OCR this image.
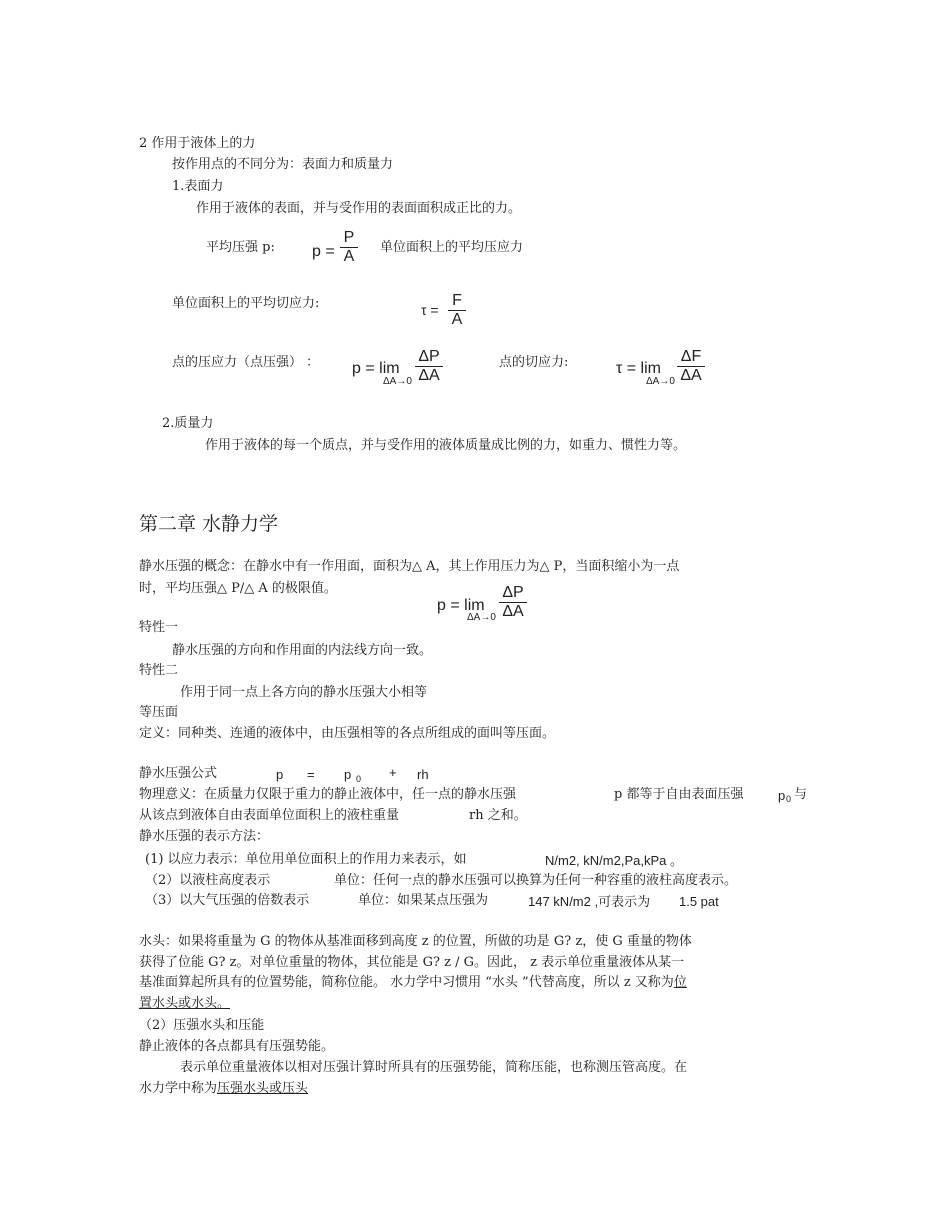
2 作用于液体上的力
按作用点的不同分为：表面力和质量力
1.表面力
作用于液体的表面，并与受作用的表面面积成正比的力。
平均压强 p: p =
P
A
单位面积上的平均压应力
单位面积上的平均切应力:	τ =
F
A
点的压应力（点压强） ： p = lim
ΔA→0
ΔP
ΔA
点的切应力:	τ = lim
ΔA→0
ΔF
ΔA
2.质量力
作用于液体的每一个质点，并与受作用的液体质量成比例的力，如重力、惯性力等。
第二章 水静力学
静水压强的概念：在静水中有一作用面，面积为△ A，其上作用压力为△ P，当面积缩小为一点
时，平均压强△ P/△ A 的极限值。
p = lim
ΔA→0
ΔP
ΔA
特性一
静水压强的方向和作用面的内法线方向一致。
特性二
作用于同一点上各方向的静水压强大小相等
等压面
定义：同种类、连通的液体中，由压强相等的各点所组成的面叫等压面。
静水压强公式	p = p 0 + rh
物理意义：在质量力仅限于重力的静止液体中，任一点的静水压强	p 都等于自由表面压强	p 0 与
从该点到液体自由表面单位面积上的液柱重量	rh 之和。
静水压强的表示方法：
(1) 以应力表示：单位用单位面积上的作用力来表示，如	N/m2, kN/m2,Pa,kPa 。
（2）以液柱高度表示	单位：任何一点的静水压强可以换算为任何一种容重的液柱高度表示。
（3）以大气压强的倍数表示	单位：如果某点压强为	147 kN/m2 ,可表示为 1.5 pat
水头：如果将重量为 G 的物体从基准面移到高度 z 的位置，所做的功是 G? z，使 G 重量的物体
获得了位能 G? z。对单位重量的物体，其位能是 G? z / G。因此， z 表示单位重量液体从某一
基准面算起所具有的位置势能，简称位能。 水力学中习惯用 “水头 ”代替高度，所以 z 又称为位
置水头或水头。
（2）压强水头和压能
静止液体的各点都具有压强势能。
表示单位重量液体以相对压强计算时所具有的压强势能，简称压能，也称测压管高度。在
水力学中称为压强水头或压头
